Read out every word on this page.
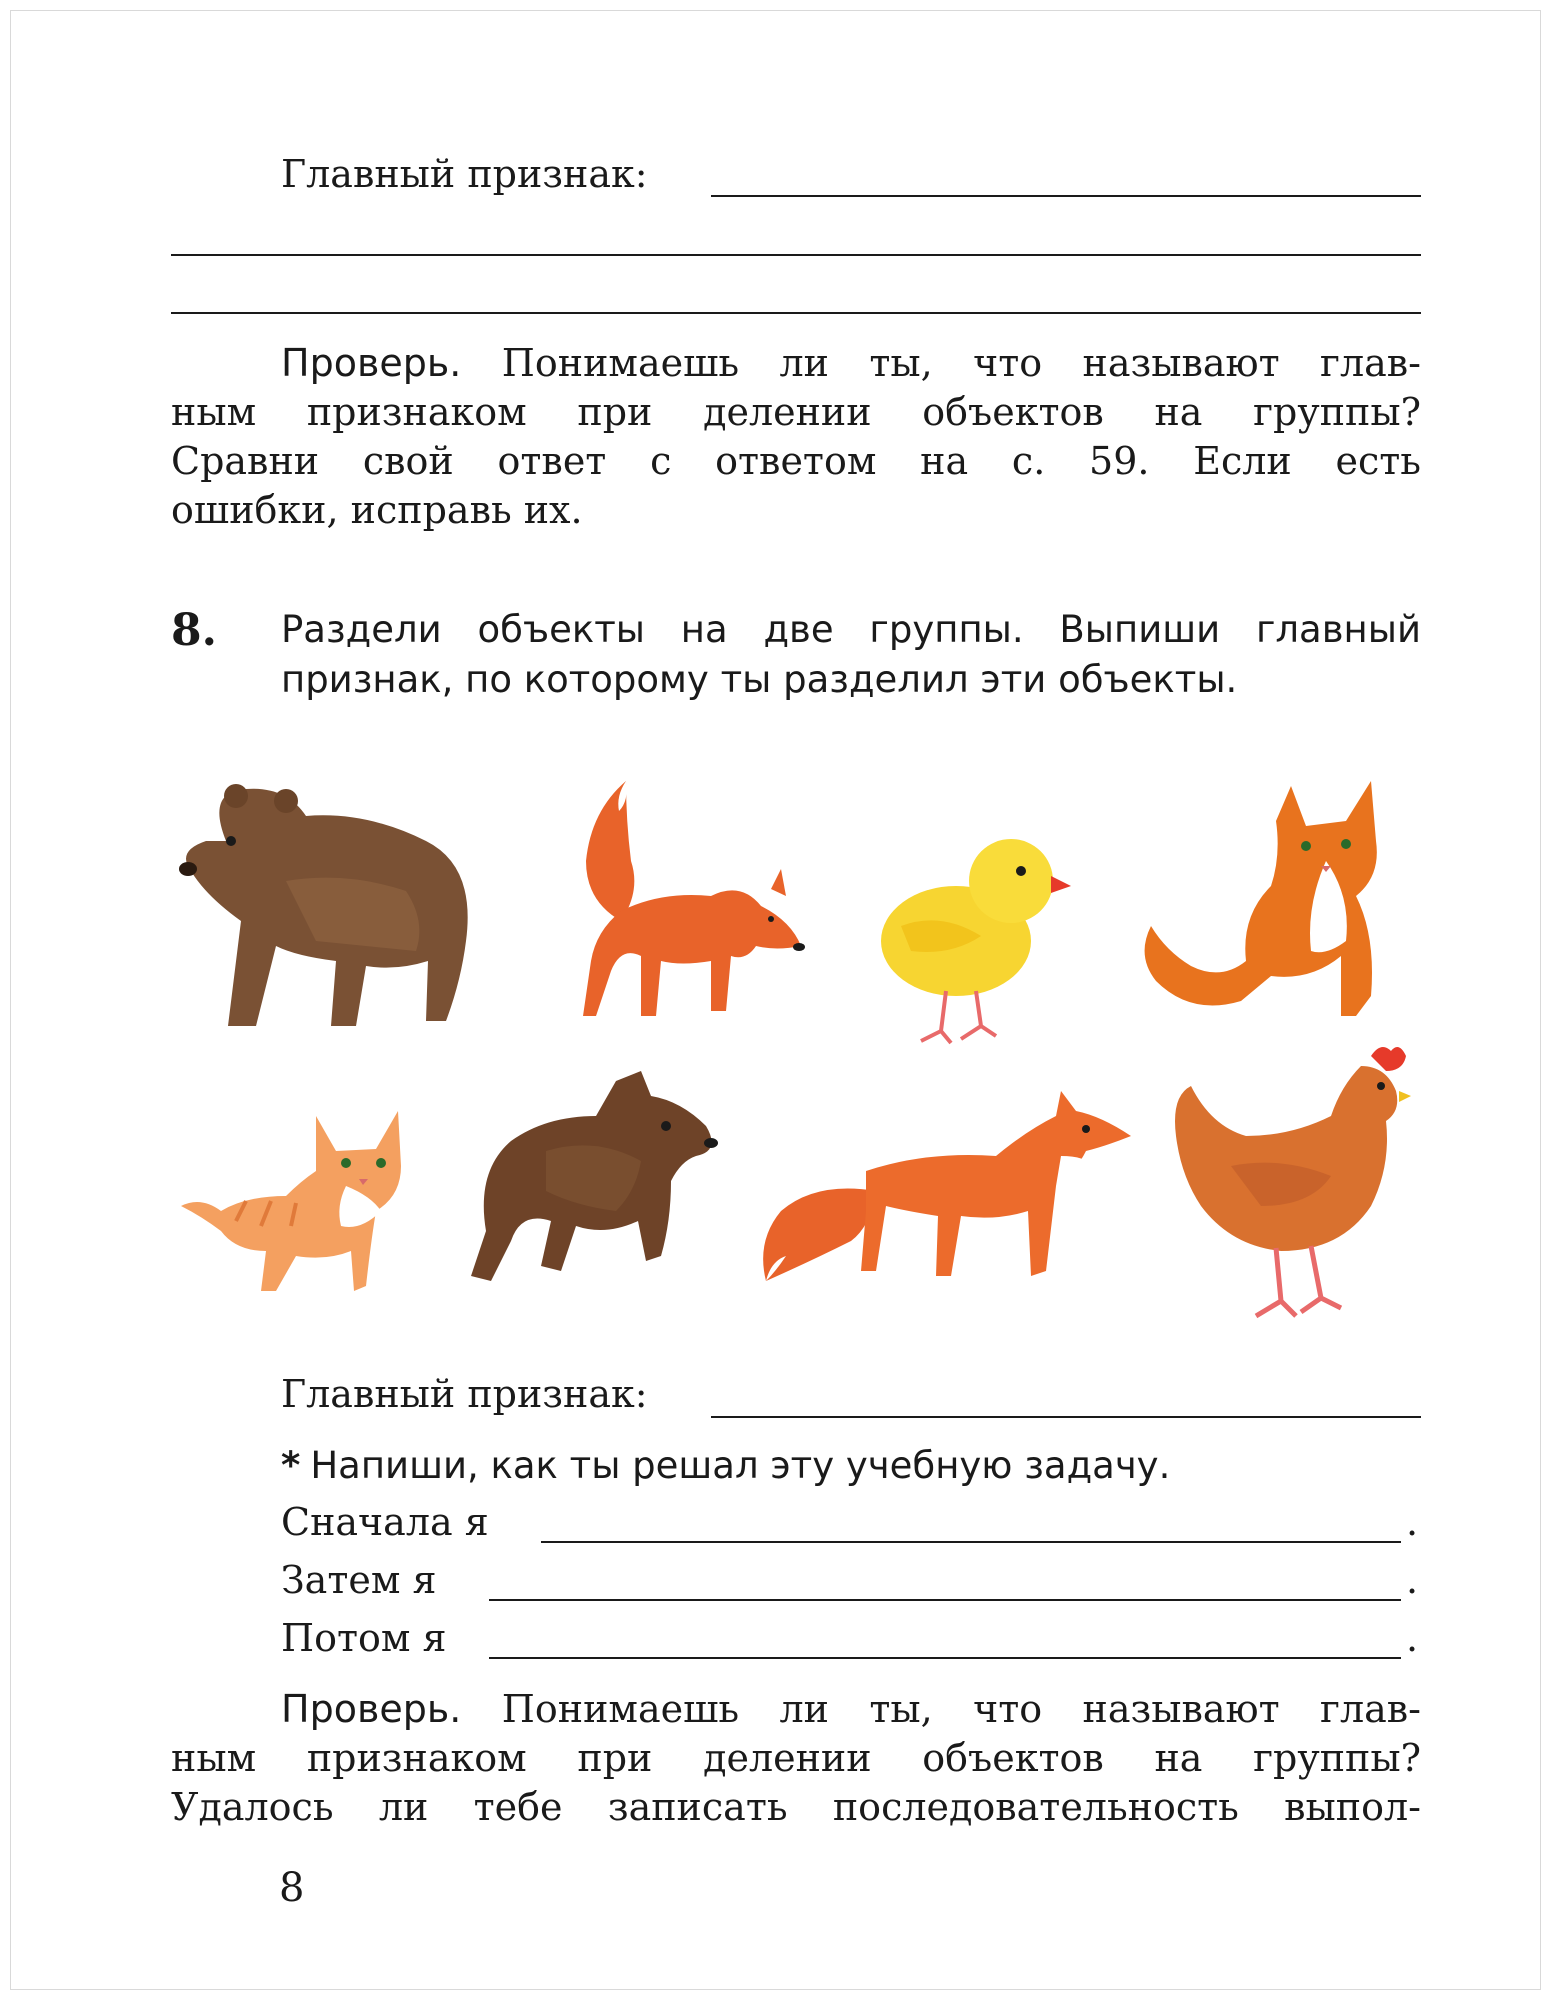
Главный признак:
Проверь. Понимаешь ли ты, что называют глав-
ным признаком при делении объектов на группы?
Сравни свой ответ с ответом на с. 59. Если есть
ошибки, исправь их.
8. Раздели объекты на две группы. Выпиши главный
признак, по которому ты разделил эти объекты.
Главный признак:
* Напиши, как ты решал эту учебную задачу.
Сначала я	.
Затем я	.
Потом я	.
Проверь. Понимаешь ли ты, что называют глав-
ным признаком при делении объектов на группы?
Удалось ли тебе записать последовательность выпол-
8
